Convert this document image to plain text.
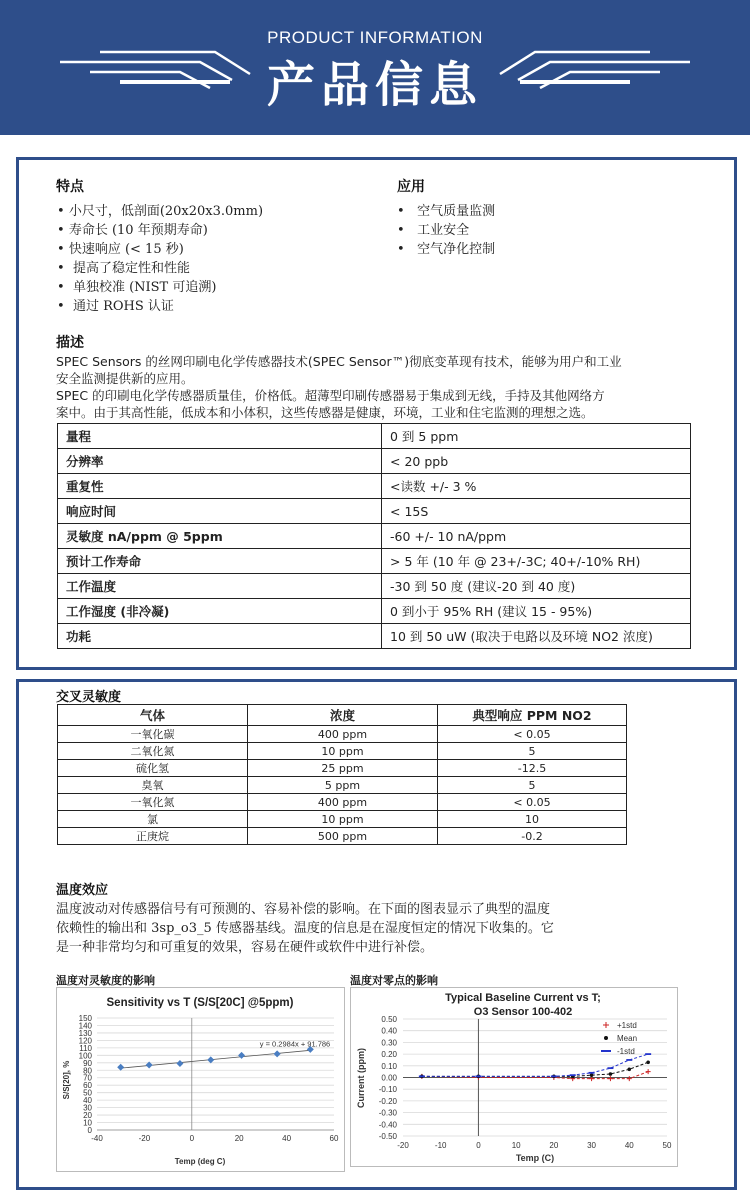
PRODUCT INFORMATION
产品信息
特点
• 小尺寸，低剖面(20x20x3.0mm)
• 寿命长 (10 年预期寿命)
• 快速响应 (< 15 秒)
•  提高了稳定性和性能
•  单独校准 (NIST 可追溯)
•  通过 ROHS 认证
应用
•   空气质量监测
•   工业安全
•   空气净化控制
描述
SPEC Sensors 的丝网印刷电化学传感器技术(SPEC Sensor™)彻底变革现有技术，能够为用户和工业
安全监测提供新的应用。
SPEC 的印刷电化学传感器质量佳，价格低。超薄型印刷传感器易于集成到无线，手持及其他网络方
案中。由于其高性能，低成本和小体积，这些传感器是健康，环境，工业和住宅监测的理想之选。
量程	0 到 5 ppm
分辨率	< 20 ppb
重复性	<读数 +/- 3 %
响应时间	< 15S
灵敏度 nA/ppm @ 5ppm	-60 +/- 10 nA/ppm
预计工作寿命	> 5 年 (10 年 @ 23+/-3C; 40+/-10% RH)
工作温度	-30 到 50 度 (建议-20 到 40 度)
工作湿度 (非冷凝)	0 到小于 95% RH (建议 15 - 95%)
功耗	10 到 50 uW (取决于电路以及环境 NO2 浓度)
交叉灵敏度
气体	浓度	典型响应 PPM NO2
一氧化碳	400 ppm	< 0.05
二氧化氮	10 ppm	5
硫化氢	25 ppm	-12.5
臭氧	5 ppm	5
一氧化氮	400 ppm	< 0.05
氯	10 ppm	10
正庚烷	500 ppm	-0.2
温度效应
温度波动对传感器信号有可预测的、容易补偿的影响。在下面的图表显示了典型的温度
依赖性的输出和 3sp_o3_5 传感器基线。温度的信息是在湿度恒定的情况下收集的。它
是一种非常均匀和可重复的效果，容易在硬件或软件中进行补偿。
温度对灵敏度的影响	温度对零点的影响
Sensitivity vs T (S/S[20C] @5ppm)
0
10
20
30
40
50
60
70
80
90
100
110
120
130
140
150
-40	-20	0	20	40	60
y = 0.2984x + 91.786
Temp (deg C)
S/S[20], %
Typical Baseline Current vs T;
O3 Sensor 100-402
0.50
0.40
0.30
0.20
0.10
0.00
-0.10
-0.20
-0.30
-0.40
-0.50
-20	-10	0	10	20	30	40	50
+1std
Mean
-1std
Temp (C)
Current (ppm)
